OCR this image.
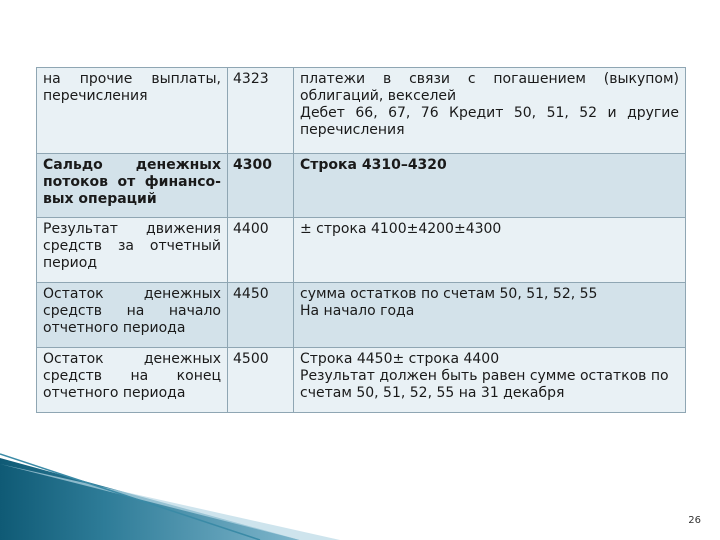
на прочие выплаты, перечисления	4323	платежи в связи с погашением (выкупом) облигаций, векселей
Дебет 66, 67, 76 Кредит 50, 51, 52 и другие перечисления

Сальдо денежных потоков от финансо-вых операций	4300	Строка 4310–4320

Результат движения средств за отчетный период	4400	± строка 4100±4200±4300

Остаток денежных средств на начало отчетного периода	4450	сумма остатков по счетам 50, 51, 52, 55
На начало года

Остаток денежных средств на конец отчетного периода	4500	Строка 4450± строка 4400
Результат должен быть равен сумме остатков по счетам 50, 51, 52, 55 на 31 декабря
26
